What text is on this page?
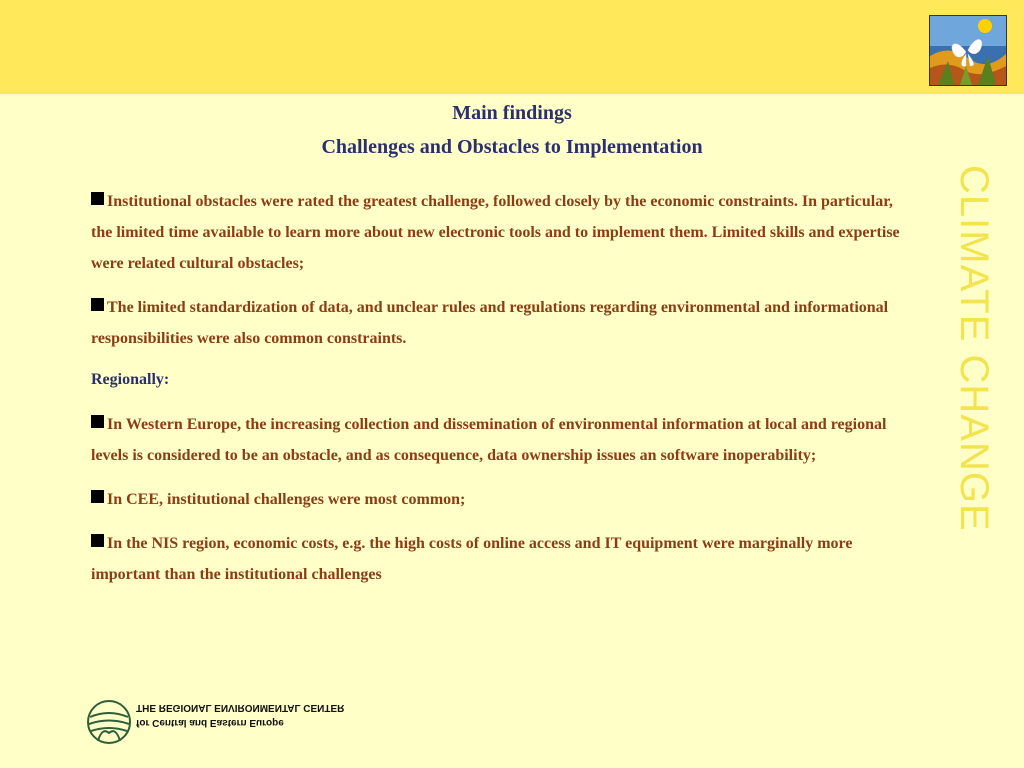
CLIMATE CHANGE
Main findings
Challenges and Obstacles to Implementation

Institutional obstacles were rated the greatest challenge, followed closely by the economic constraints. In particular, the limited time available to learn more about new electronic tools and to implement them. Limited skills and expertise were related cultural obstacles;

The limited standardization of data, and unclear rules and regulations regarding environmental and informational responsibilities were also common constraints.

Regionally:

In Western Europe, the increasing collection and dissemination of environmental information at local and regional levels is considered to be an obstacle, and as consequence, data ownership issues an software inoperability;

In CEE, institutional challenges were most common;

In the NIS region, economic costs, e.g. the high costs of online access and IT equipment were marginally more important than the institutional challenges

for Central and Eastern Europe
THE REGIONAL ENVIRONMENTAL CENTER
